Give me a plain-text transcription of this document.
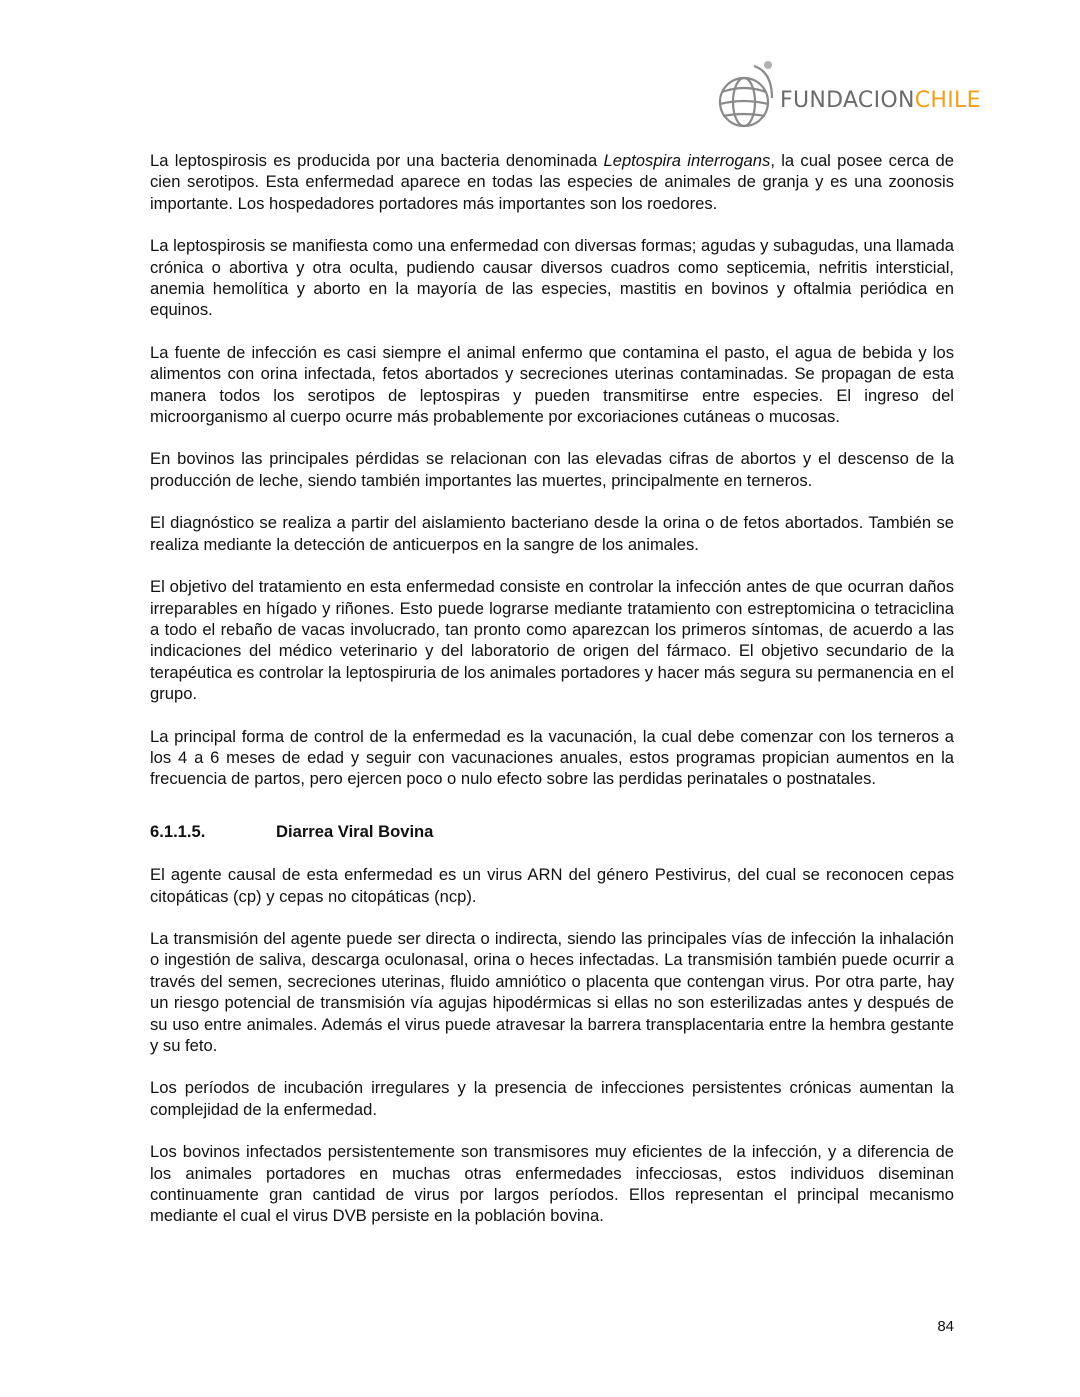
FUNDACIONCHILE

La leptospirosis es producida por una bacteria denominada Leptospira interrogans, la cual posee cerca de cien serotipos. Esta enfermedad aparece en todas las especies de animales de granja y es una zoonosis importante. Los hospedadores portadores más importantes son los roedores.

La leptospirosis se manifiesta como una enfermedad con diversas formas; agudas y subagudas, una llamada crónica o abortiva y otra oculta, pudiendo causar diversos cuadros como septicemia, nefritis intersticial, anemia hemolítica y aborto en la mayoría de las especies, mastitis en bovinos y oftalmia periódica en equinos.

La fuente de infección es casi siempre el animal enfermo que contamina el pasto, el agua de bebida y los alimentos con orina infectada, fetos abortados y secreciones uterinas contaminadas. Se propagan de esta manera todos los serotipos de leptospiras y pueden transmitirse entre especies. El ingreso del microorganismo al cuerpo ocurre más probablemente por excoriaciones cutáneas o mucosas.

En bovinos las principales pérdidas se relacionan con las elevadas cifras de abortos y el descenso de la producción de leche, siendo también importantes las muertes, principalmente en terneros.

El diagnóstico se realiza a partir del aislamiento bacteriano desde la orina o de fetos abortados. También se realiza mediante la detección de anticuerpos en la sangre de los animales.

El objetivo del tratamiento en esta enfermedad consiste en controlar la infección antes de que ocurran daños irreparables en hígado y riñones. Esto puede lograrse mediante tratamiento con estreptomicina o tetraciclina a todo el rebaño de vacas involucrado, tan pronto como aparezcan los primeros síntomas, de acuerdo a las indicaciones del médico veterinario y del laboratorio de origen del fármaco. El objetivo secundario de la terapéutica es controlar la leptospiruria de los animales portadores y hacer más segura su permanencia en el grupo.

La principal forma de control de la enfermedad es la vacunación, la cual debe comenzar con los terneros a los 4 a 6 meses de edad y seguir con vacunaciones anuales, estos programas propician aumentos en la frecuencia de partos, pero ejercen poco o nulo efecto sobre las perdidas perinatales o postnatales.

6.1.1.5.	Diarrea Viral Bovina

El agente causal de esta enfermedad es un virus ARN del género Pestivirus, del cual se reconocen cepas citopáticas (cp) y cepas no citopáticas (ncp).

La transmisión del agente puede ser directa o indirecta, siendo las principales vías de infección la inhalación o ingestión de saliva, descarga oculonasal, orina o heces infectadas. La transmisión también puede ocurrir a través del semen, secreciones uterinas, fluido amniótico o placenta que contengan virus. Por otra parte, hay un riesgo potencial de transmisión vía agujas hipodérmicas si ellas no son esterilizadas antes y después de su uso entre animales. Además el virus puede atravesar la barrera transplacentaria entre la hembra gestante y su feto.

Los períodos de incubación irregulares y la presencia de infecciones persistentes crónicas aumentan la complejidad de la enfermedad.

Los bovinos infectados persistentemente son transmisores muy eficientes de la infección, y a diferencia de los animales portadores en muchas otras enfermedades infecciosas, estos individuos diseminan continuamente gran cantidad de virus por largos períodos. Ellos representan el principal mecanismo mediante el cual el virus DVB persiste en la población bovina.

84
